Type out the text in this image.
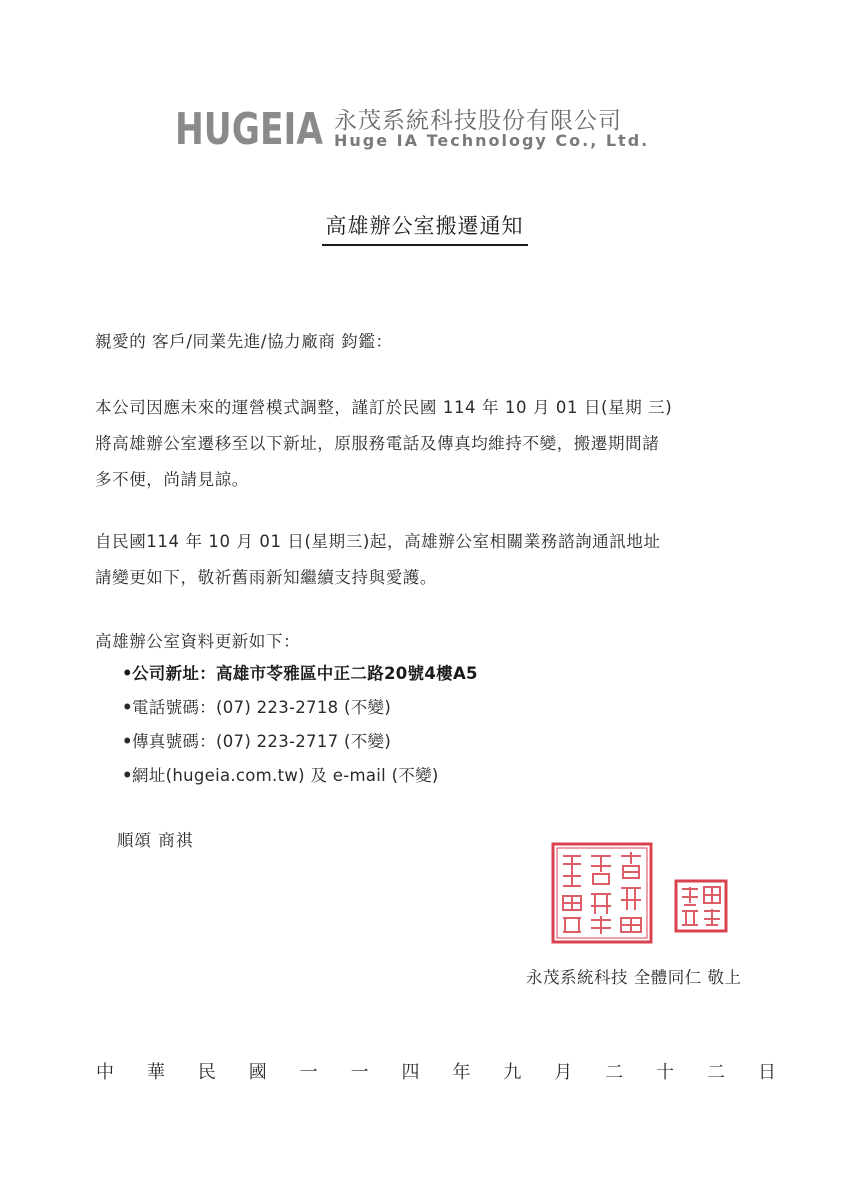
HUGEIA 永茂系統科技股份有限公司
Huge IA Technology Co., Ltd.
高雄辦公室搬遷通知
親愛的 客戶/同業先進/協力廠商 鈞鑑：
本公司因應未來的運營模式調整，謹訂於民國 114 年 10 月 01 日(星期 三)
將高雄辦公室遷移至以下新址，原服務電話及傳真均維持不變，搬遷期間諸
多不便，尚請見諒。
自民國114 年 10 月 01 日(星期三)起，高雄辦公室相關業務諮詢通訊地址
請變更如下，敬祈舊雨新知繼續支持與愛護。
高雄辦公室資料更新如下：
•公司新址：高雄市苓雅區中正二路20號4樓A5
•電話號碼：(07) 223-2718 (不變)
•傳真號碼：(07) 223-2717 (不變)
•網址(hugeia.com.tw) 及 e-mail (不變)
順頌 商祺
永茂系統科技 全體同仁 敬上
中 華 民 國 一 一 四 年 九 月 二 十 二 日
